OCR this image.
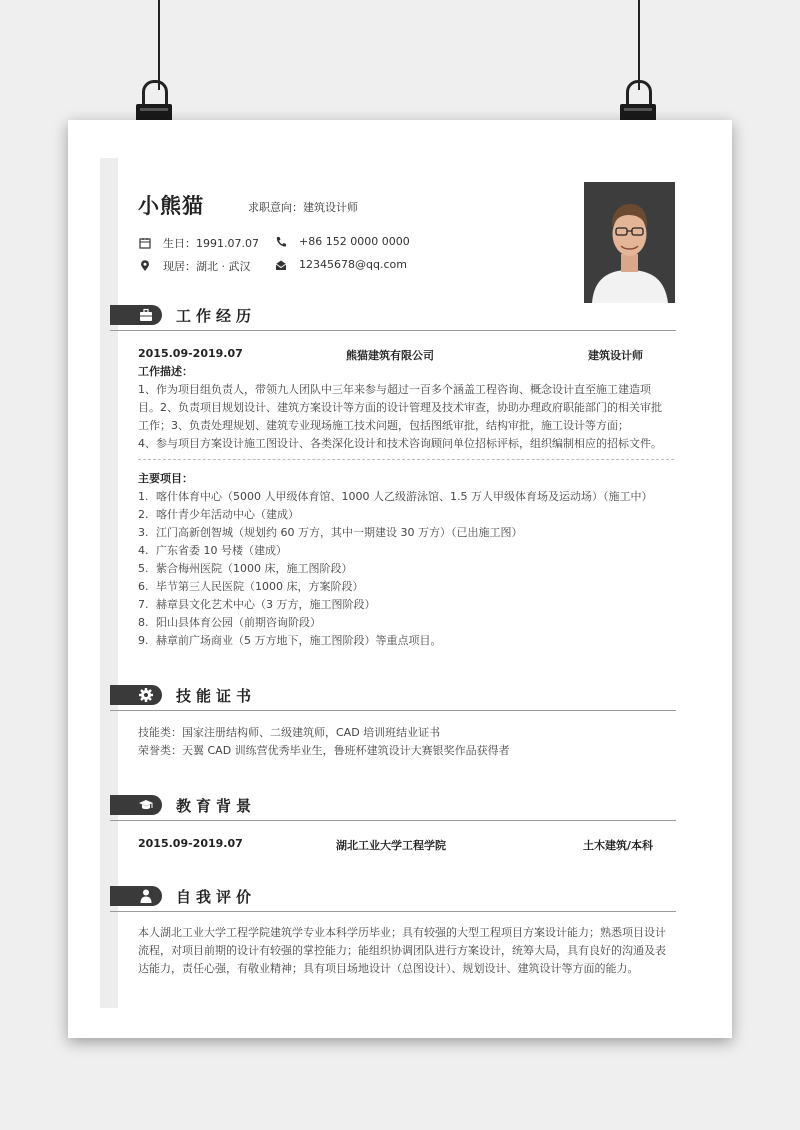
小熊猫	求职意向：建筑设计师
生日：1991.07.07	+86 152 0000 0000
现居：湖北 · 武汉	12345678@qq.com
工作经历
2015.09-2019.07	熊猫建筑有限公司	建筑设计师
工作描述：
1、作为项目组负责人，带领九人团队中三年来参与超过一百多个涵盖工程咨询、概念设计直至施工建造项
目。2、负责项目规划设计、建筑方案设计等方面的设计管理及技术审查，协助办理政府职能部门的相关审批
工作；3、负责处理规划、建筑专业现场施工技术问题，包括图纸审批，结构审批，施工设计等方面；
4、参与项目方案设计施工图设计、各类深化设计和技术咨询顾问单位招标评标，组织编制相应的招标文件。
主要项目：
1. 喀什体育中心（5000 人甲级体育馆、1000 人乙级游泳馆、1.5 万人甲级体育场及运动场）（施工中）
2. 喀什青少年活动中心（建成）
3. 江门高新创智城（规划约 60 万方，其中一期建设 30 万方）（已出施工图）
4. 广东省委 10 号楼（建成）
5. 紫合梅州医院（1000 床，施工图阶段）
6. 毕节第三人民医院（1000 床，方案阶段）
7. 赫章县文化艺术中心（3 万方，施工图阶段）
8. 阳山县体育公园（前期咨询阶段）
9. 赫章前广场商业（5 万方地下，施工图阶段）等重点项目。
技能证书
技能类：国家注册结构师、二级建筑师，CAD 培训班结业证书
荣誉类：天翼 CAD 训练营优秀毕业生，鲁班杯建筑设计大赛银奖作品获得者
教育背景
2015.09-2019.07	湖北工业大学工程学院	土木建筑/本科
自我评价
本人湖北工业大学工程学院建筑学专业本科学历毕业；具有较强的大型工程项目方案设计能力；熟悉项目设计
流程，对项目前期的设计有较强的掌控能力；能组织协调团队进行方案设计，统筹大局，具有良好的沟通及表
达能力，责任心强，有敬业精神；具有项目场地设计（总图设计）、规划设计、建筑设计等方面的能力。
